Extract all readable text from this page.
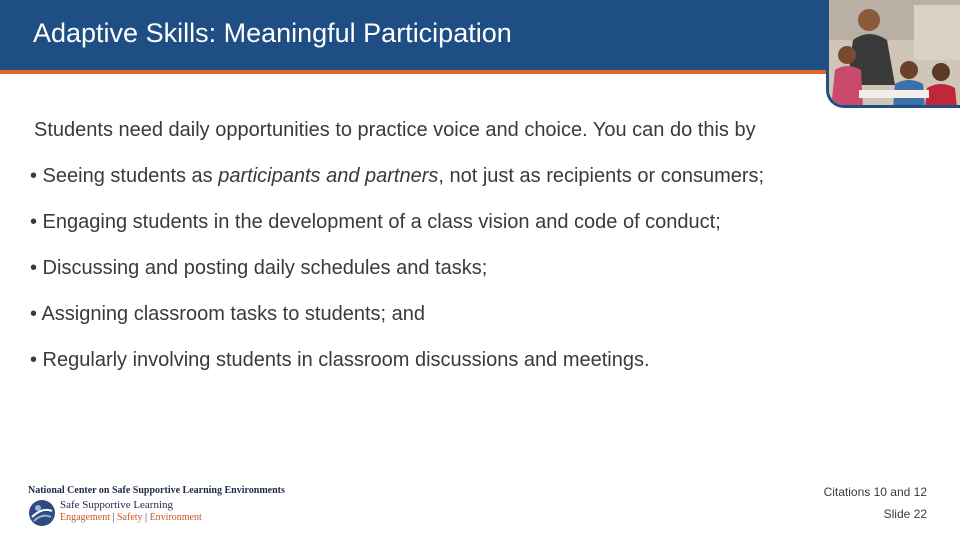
Adaptive Skills: Meaningful Participation

Students need daily opportunities to practice voice and choice. You can do this by

• Seeing students as participants and partners, not just as recipients or consumers;

• Engaging students in the development of a class vision and code of conduct;

• Discussing and posting daily schedules and tasks;

• Assigning classroom tasks to students; and

• Regularly involving students in classroom discussions and meetings.

National Center on Safe Supportive Learning Environments
Safe Supportive Learning
Engagement | Safety | Environment
Citations 10 and 12
Slide 22
